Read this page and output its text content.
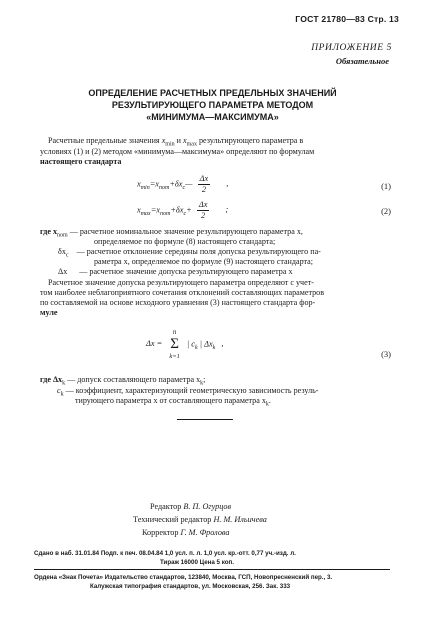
ГОСТ 21780—83 Стр. 13
ПРИЛОЖЕНИЕ 5
Обязательное
ОПРЕДЕЛЕНИЕ РАСЧЕТНЫХ ПРЕДЕЛЬНЫХ ЗНАЧЕНИЙ
РЕЗУЛЬТИРУЮЩЕГО ПАРАМЕТРА МЕТОДОМ
«МИНИМУМА—МАКСИМУМА»
Расчетные предельные значения $x_{min}$ и $x_{max}$ результирующего параметра в
условиях (1) и (2) методом «минимума—максимума» определяют по формулам
настоящего стандарта
$x_{min}=x_{nom}+\delta x_c— \frac{\Delta x}{2}$ ,	(1)
$x_{max}=x_{nom}+\delta x_c+ \frac{\Delta x}{2}$ ;	(2)
где $x_{nom}$ — расчетное номинальное значение результирующего параметра x,
определяемое по формуле (8) настоящего стандарта;
$\delta x_c$ — расчетное отклонение середины поля допуска результирующего па-
раметра x, определяемое по формуле (9) настоящего стандарта;
Δx — расчетное значение допуска результирующего параметра x
Расчетное значение допуска результирующего параметра определяют с учет-
том наиболее неблагоприятного сочетания отклонений составляющих параметров
по составляемой на основе исходного уравнения (3) настоящего стандарта фор-
муле
Δx =
n
Σ
k=1
| $c_k$ | $\Delta x_k$ ,
(3)
где $\Delta x_k$ — допуск составляющего параметра $x_k$;
$c_k$ — коэффициент, характеризующий геометрическую зависимость резуль-
тирующего параметра x от составляющего параметра $x_k$.
Редактор В. П. Огурцов
Технический редактор Н. М. Ильичева
Корректор Г. М. Фролова
Сдано в наб. 31.01.84 Подп. к печ. 08.04.84 1,0 усл. п. л. 1,0 усл. кр.-отт. 0,77 уч.-изд. л.
Тираж 16000 Цена 5 коп.
Ордена «Знак Почета» Издательство стандартов, 123840, Москва, ГСП, Новопресненский пер., 3.
Калужская типография стандартов, ул. Московская, 256. Зак. 333
